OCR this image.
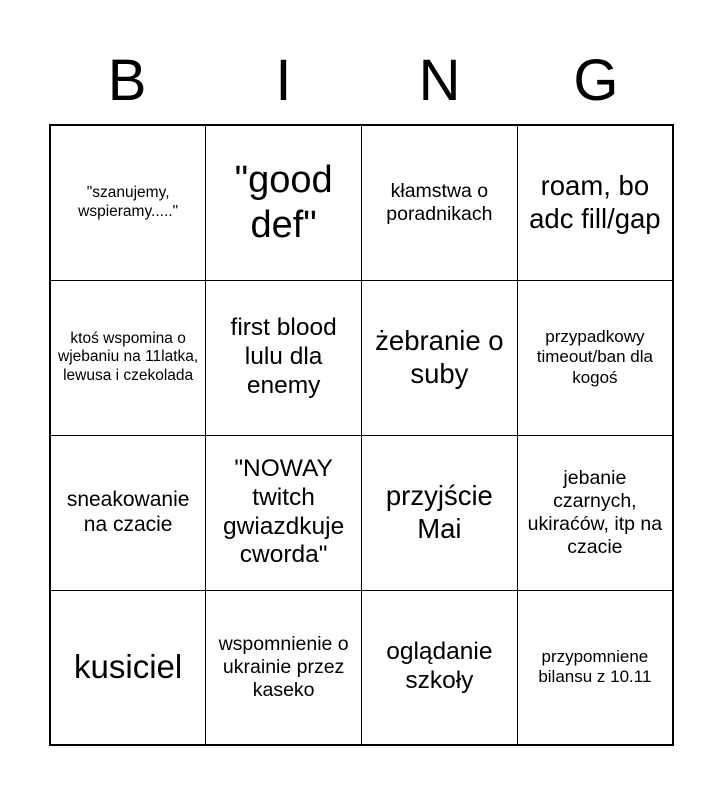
B	I	N	G
"szanujemy, wspieramy....."	"good def"	kłamstwa o poradnikach	roam, bo adc fill/gap
ktoś wspomina o wjebaniu na 11latka, lewusa i czekolada	first blood lulu dla enemy	żebranie o suby	przypadkowy timeout/ban dla kogoś
sneakowanie na czacie	"NOWAY twitch gwiazdkuje cworda"	przyjście Mai	jebanie czarnych, ukiraćów, itp na czacie
kusiciel	wspomnienie o ukrainie przez kaseko	oglądanie szkoły	przypomniene bilansu z 10.11
